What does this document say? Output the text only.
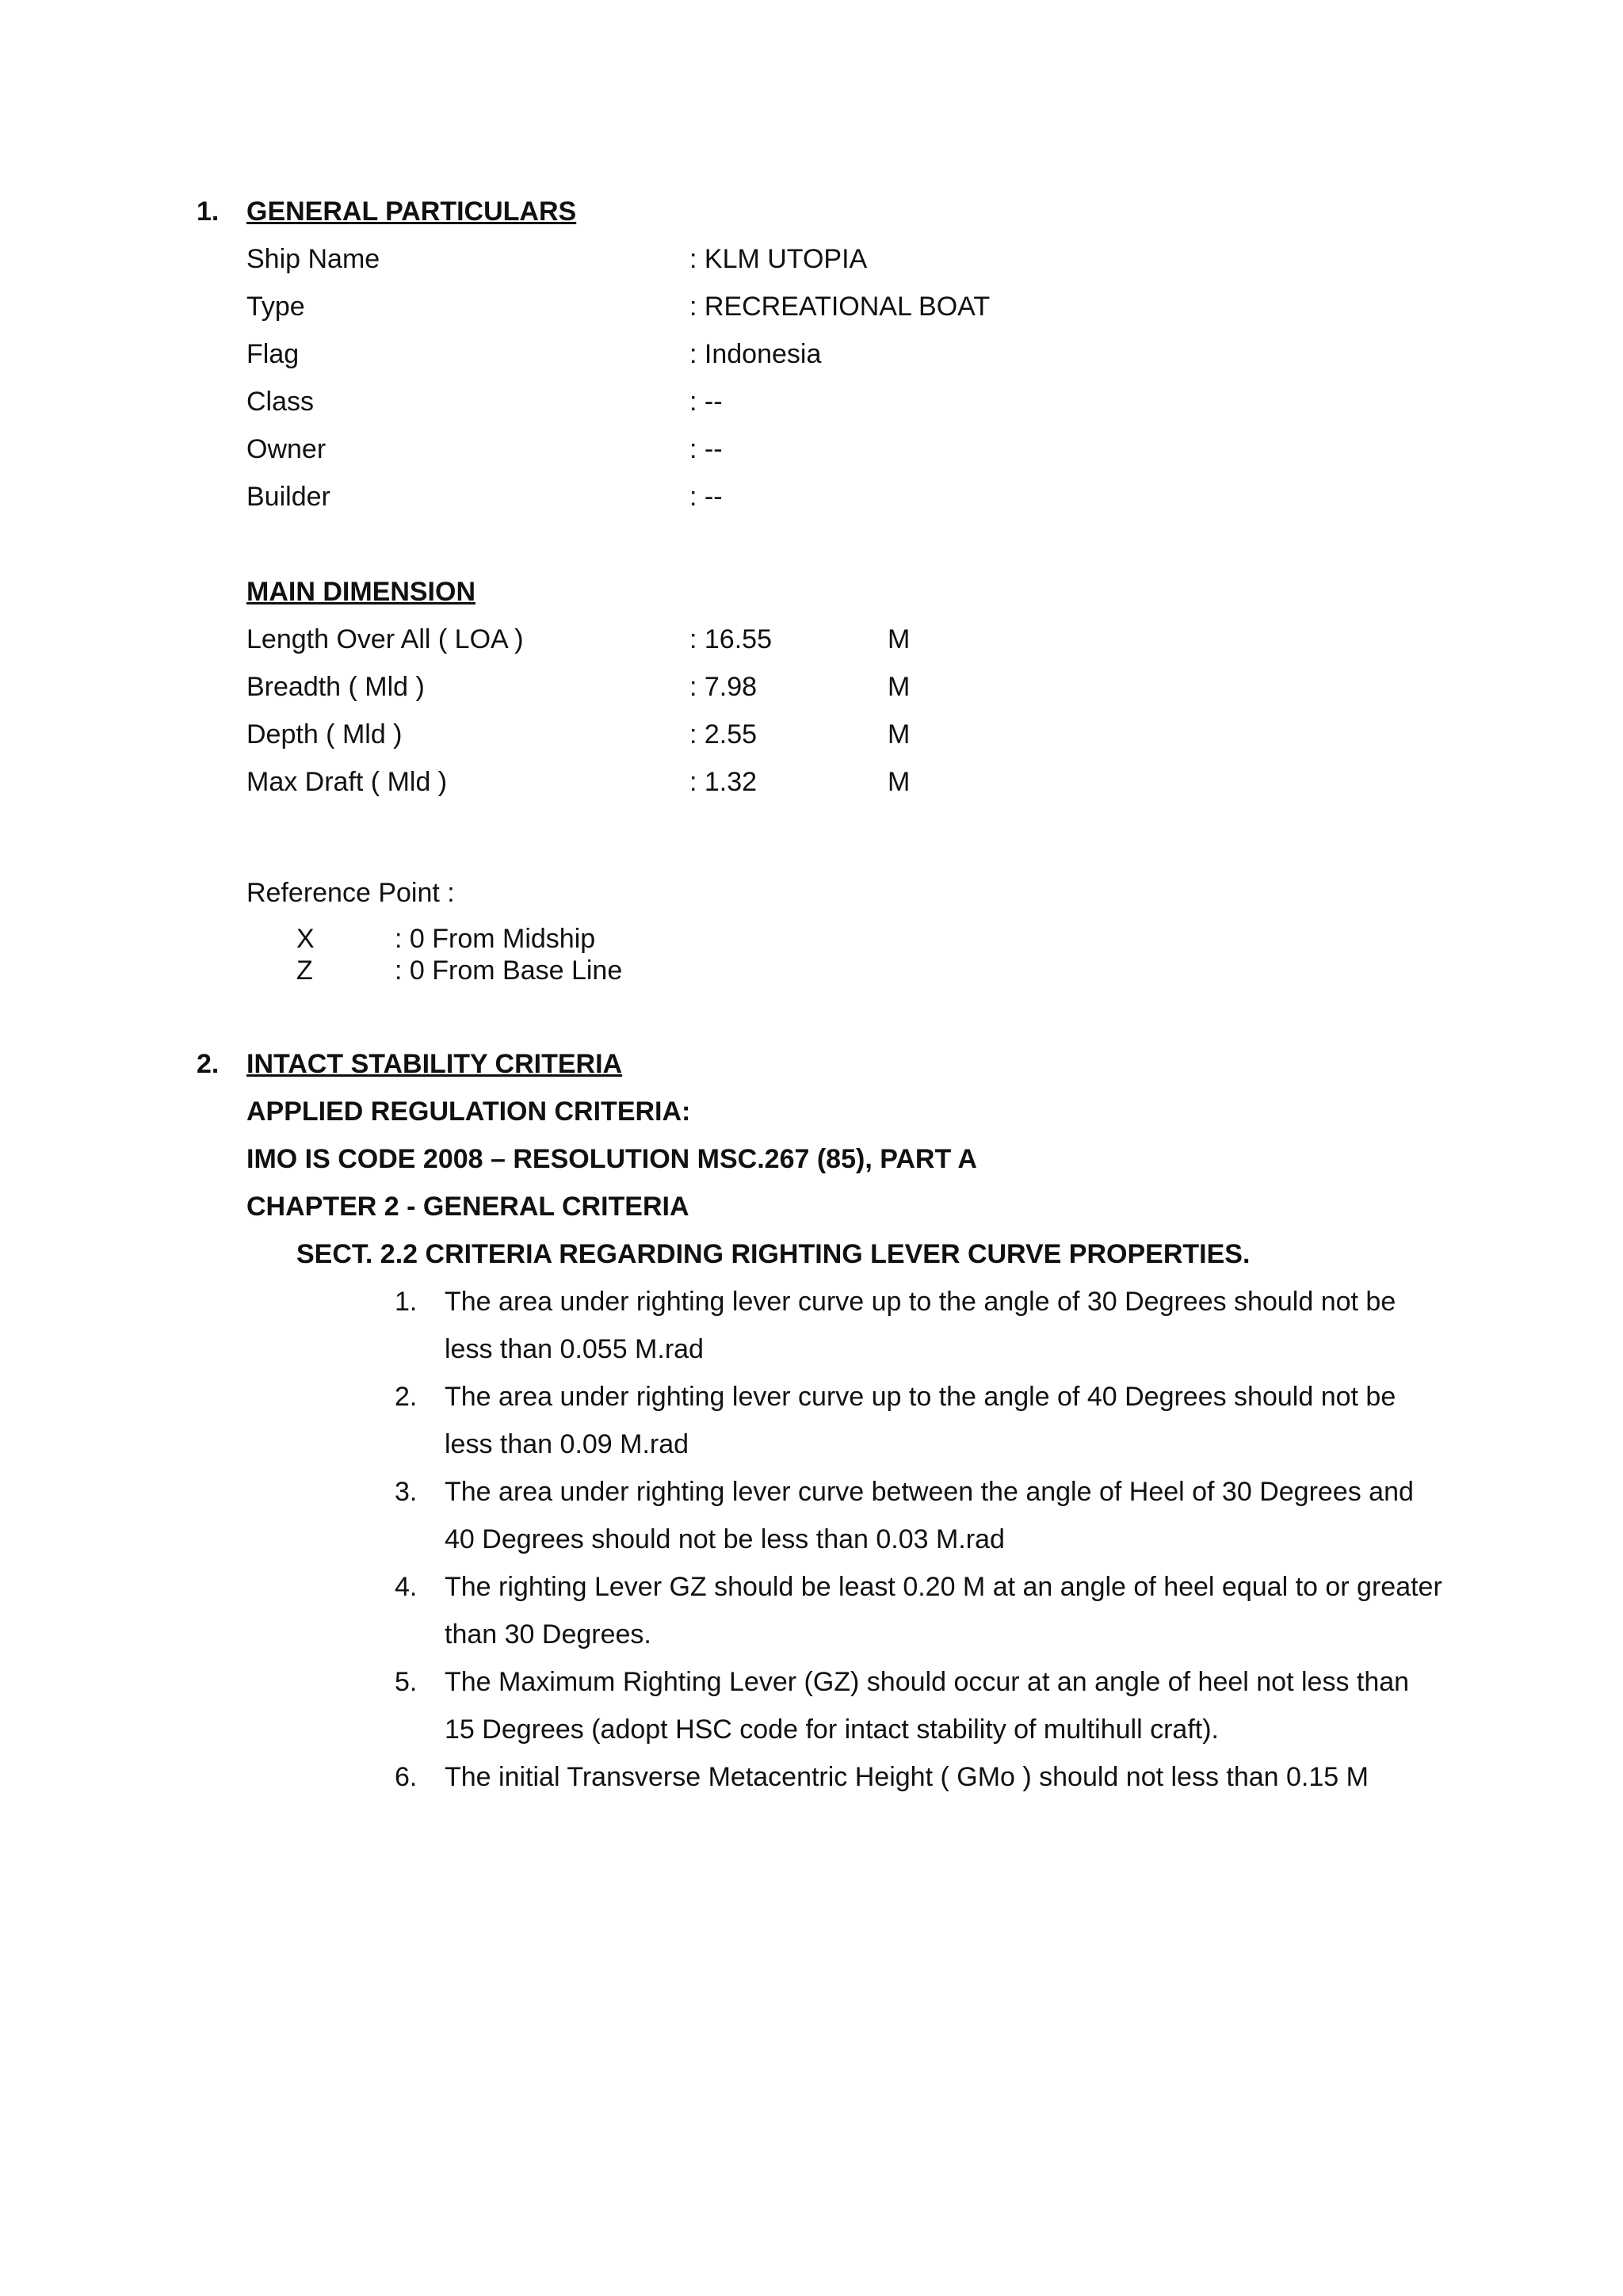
1. GENERAL PARTICULARS
Ship Name	: KLM UTOPIA
Type	: RECREATIONAL BOAT
Flag	: Indonesia
Class	: --
Owner	: --
Builder	: --
MAIN DIMENSION
Length Over All ( LOA )	: 16.55	M
Breadth ( Mld )	: 7.98	M
Depth ( Mld )	: 2.55	M
Max Draft ( Mld )	: 1.32	M
Reference Point :
X	: 0 From Midship
Z	: 0 From Base Line
2. INTACT STABILITY CRITERIA
APPLIED REGULATION CRITERIA:
IMO IS CODE 2008 – RESOLUTION MSC.267 (85), PART A
CHAPTER 2 - GENERAL CRITERIA
SECT. 2.2 CRITERIA REGARDING RIGHTING LEVER CURVE PROPERTIES.
1. The area under righting lever curve up to the angle of 30 Degrees should not be
less than 0.055 M.rad
2. The area under righting lever curve up to the angle of 40 Degrees should not be
less than 0.09 M.rad
3. The area under righting lever curve between the angle of Heel of 30 Degrees and
40 Degrees should not be less than 0.03 M.rad
4. The righting Lever GZ should be least 0.20 M at an angle of heel equal to or greater
than 30 Degrees.
5. The Maximum Righting Lever (GZ) should occur at an angle of heel not less than
15 Degrees (adopt HSC code for intact stability of multihull craft).
6. The initial Transverse Metacentric Height ( GMo ) should not less than 0.15 M
